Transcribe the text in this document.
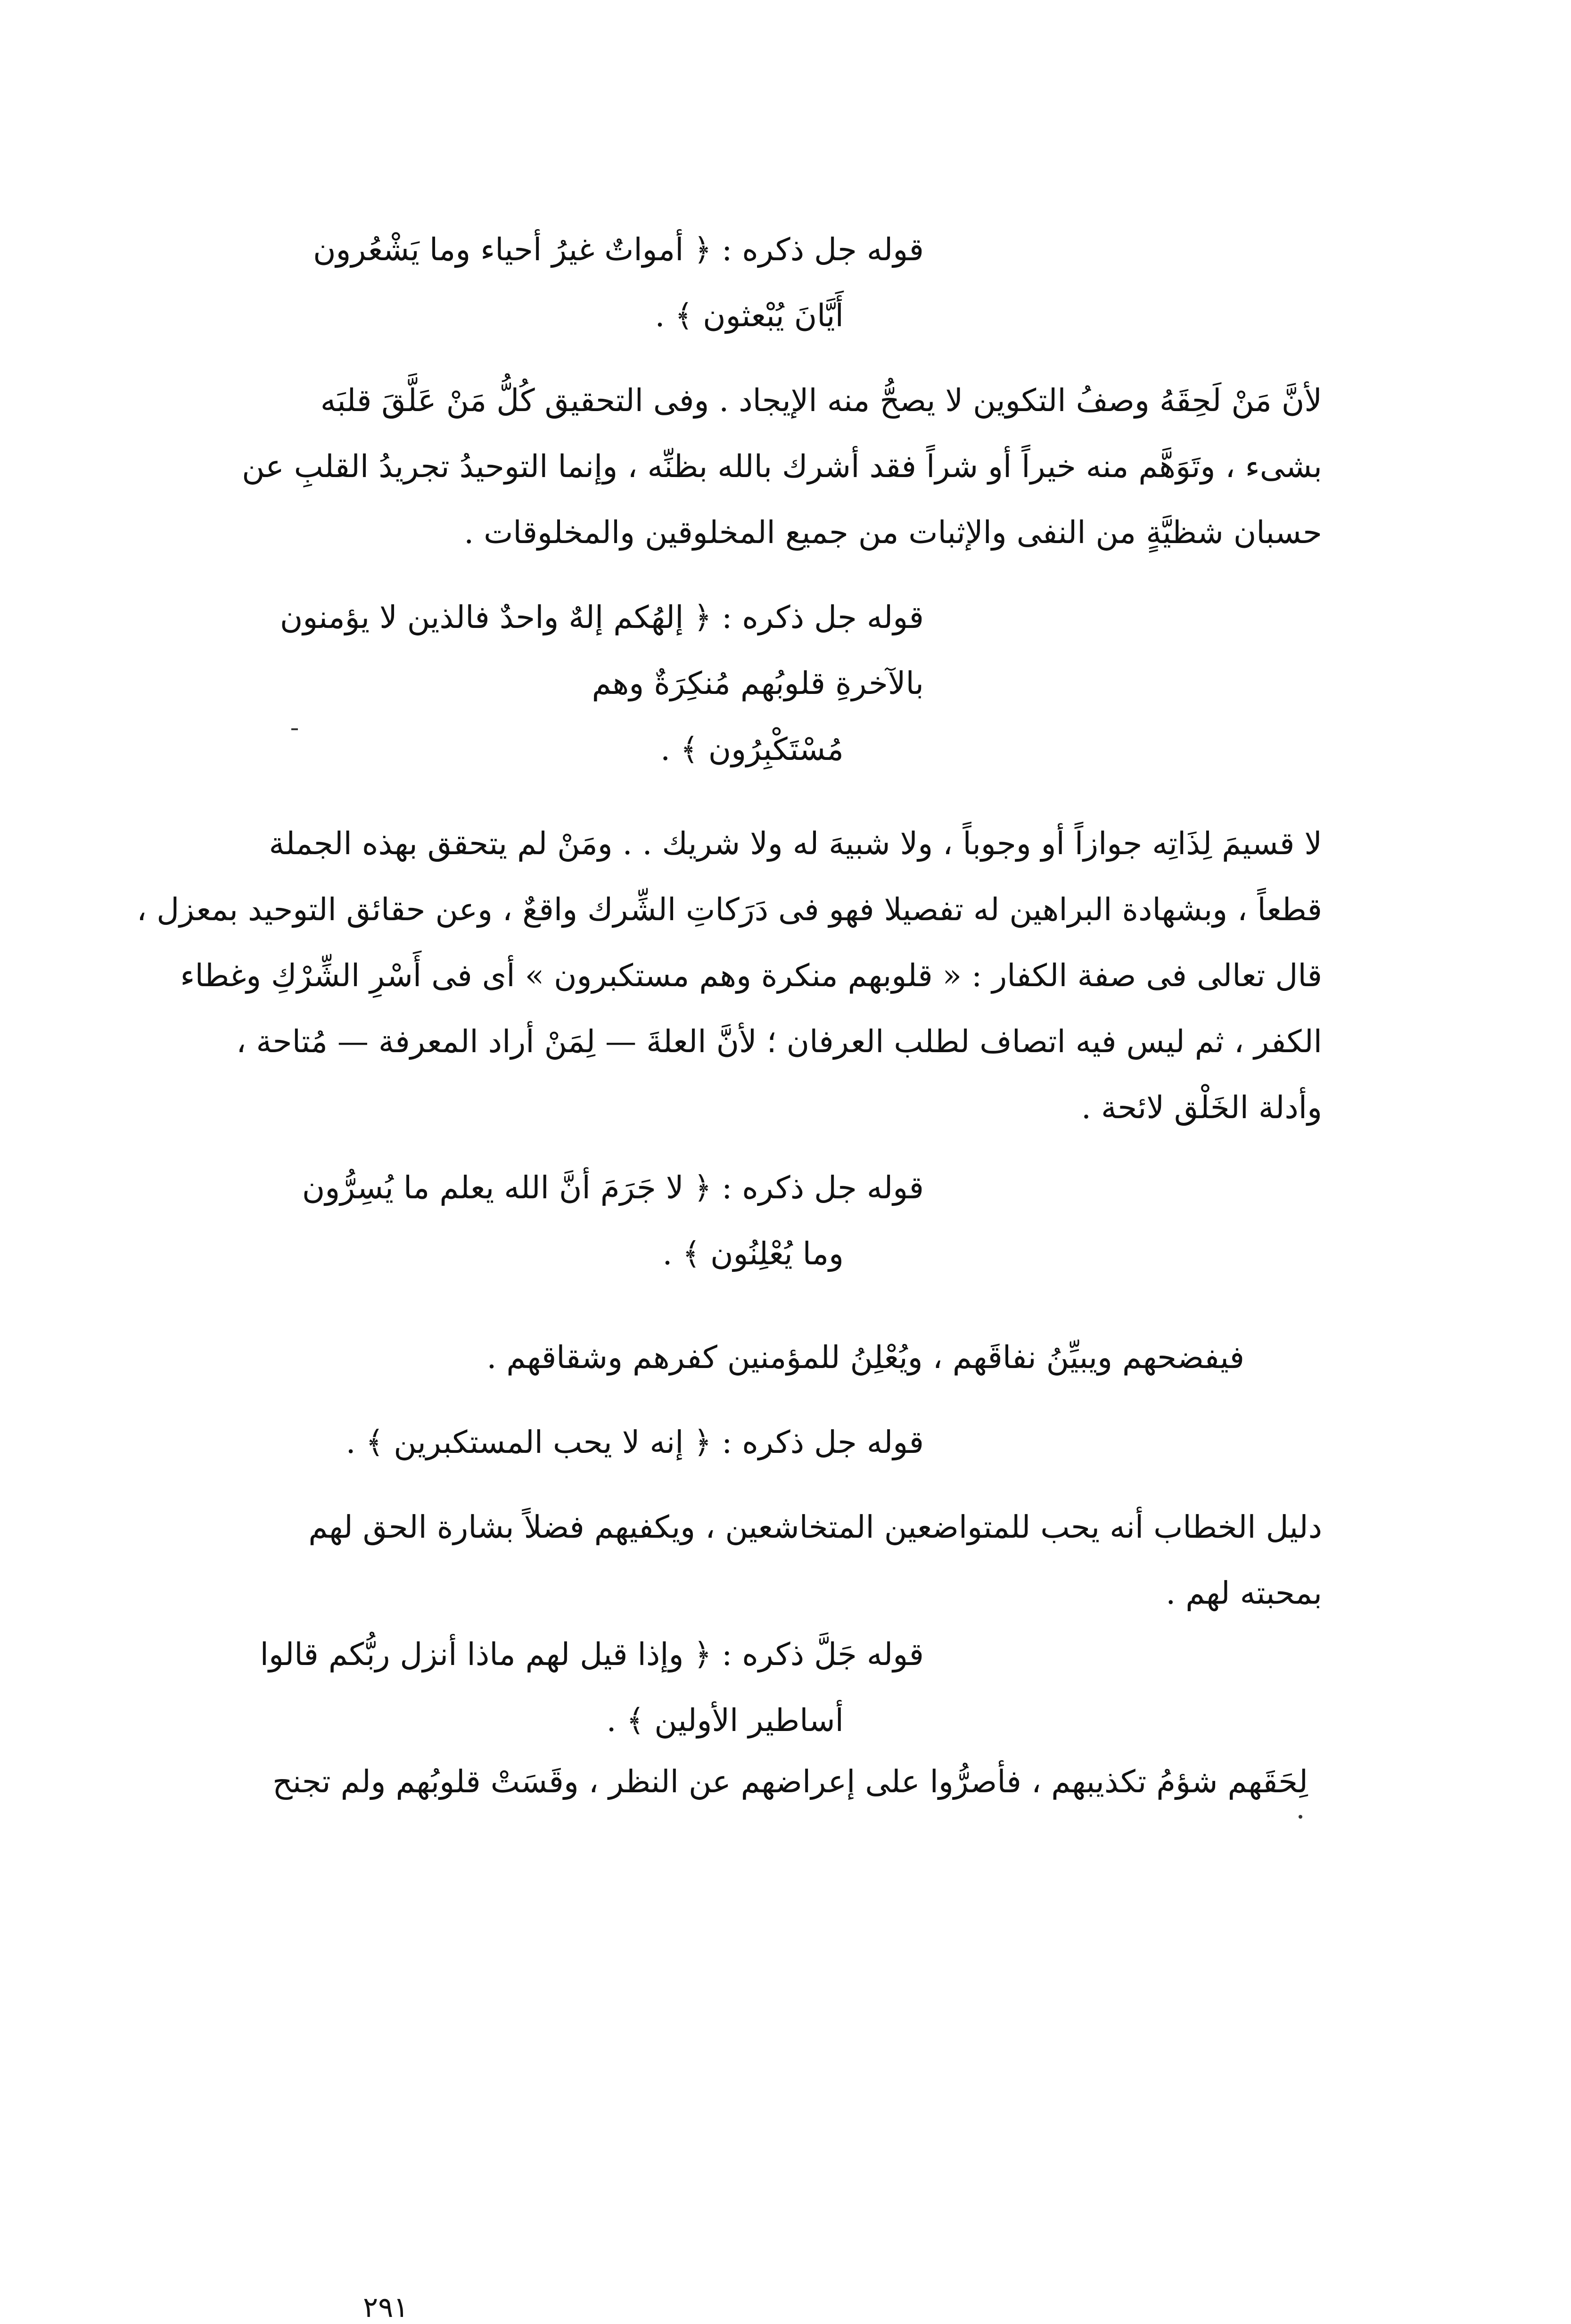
قوله جل ذكره : ﴿ أمواتٌ غيرُ أحياء وما يَشْعُرون
أَيَّانَ يُبْعثون ﴾ .
لأنَّ مَنْ لَحِقَهُ وصفُ التكوين لا يصحُّ منه الإيجاد . وفى التحقيق كُلُّ مَنْ عَلَّقَ قلبَه
بشىء ، وتَوَهَّم منه خيراً أو شراً فقد أشرك بالله بظنِّه ، وإنما التوحيدُ تجريدُ القلبِ عن
حسبان شظيَّةٍ من النفى والإثبات من جميع المخلوقين والمخلوقات .
قوله جل ذكره : ﴿ إلهُكم إلهٌ واحدٌ فالذين لا يؤمنون
بالآخرةِ قلوبُهم مُنكِرَةٌ وهم
مُسْتَكْبِرُون ﴾ .
لا قسيمَ لِذَاتِه جوازاً أو وجوباً ، ولا شبيهَ له ولا شريك . . ومَنْ لم يتحقق بهذه الجملة
قطعاً ، وبشهادة البراهين له تفصيلا فهو فى دَرَكاتِ الشِّرك واقعٌ ، وعن حقائق التوحيد بمعزل ،
قال تعالى فى صفة الكفار : « قلوبهم منكرة وهم مستكبرون » أى فى أَسْرِ الشِّرْكِ وغطاء
الكفر ، ثم ليس فيه اتصاف لطلب العرفان ؛ لأنَّ العلةَ — لِمَنْ أراد المعرفة — مُتاحة ،
وأدلة الخَلْق لائحة .
قوله جل ذكره : ﴿ لا جَرَمَ أنَّ الله يعلم ما يُسِرُّون
وما يُعْلِنُون ﴾ .
فيفضحهم ويبيِّنُ نفاقَهم ، ويُعْلِنُ للمؤمنين كفرهم وشقاقهم .
قوله جل ذكره : ﴿ إنه لا يحب المستكبرين ﴾ .
دليل الخطاب أنه يحب للمتواضعين المتخاشعين ، ويكفيهم فضلاً بشارة الحق لهم
بمحبته لهم .
قوله جَلَّ ذكره : ﴿ وإذا قيل لهم ماذا أنزل ربُّكم قالوا
أساطير الأولين ﴾ .
لِحَقَهم شؤمُ تكذيبهم ، فأصرُّوا على إعراضهم عن النظر ، وقَسَتْ قلوبُهم ولم تجنح
٢٩١
